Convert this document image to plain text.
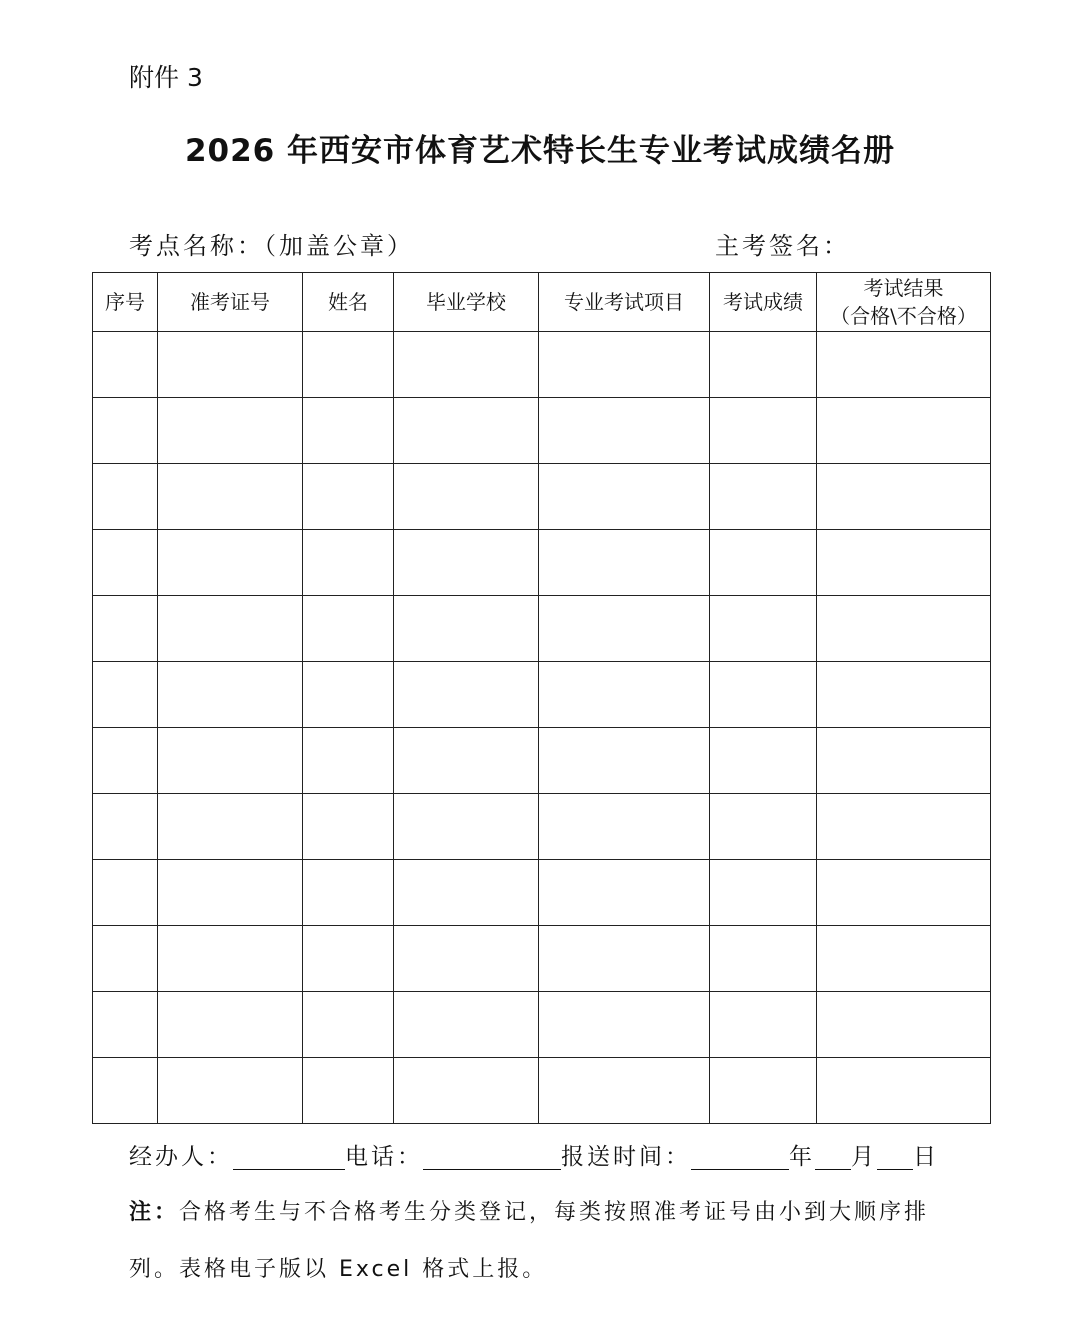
附件 3
2026 年西安市体育艺术特长生专业考试成绩名册
考点名称：（加盖公章）	主考签名：
序号	准考证号	姓名	毕业学校	专业考试项目	考试成绩	考试结果
（合格\不合格）

经办人：	电话：	报送时间：	年 月 日
注：合格考生与不合格考生分类登记，每类按照准考证号由小到大顺序排
列。表格电子版以 Excel 格式上报。
